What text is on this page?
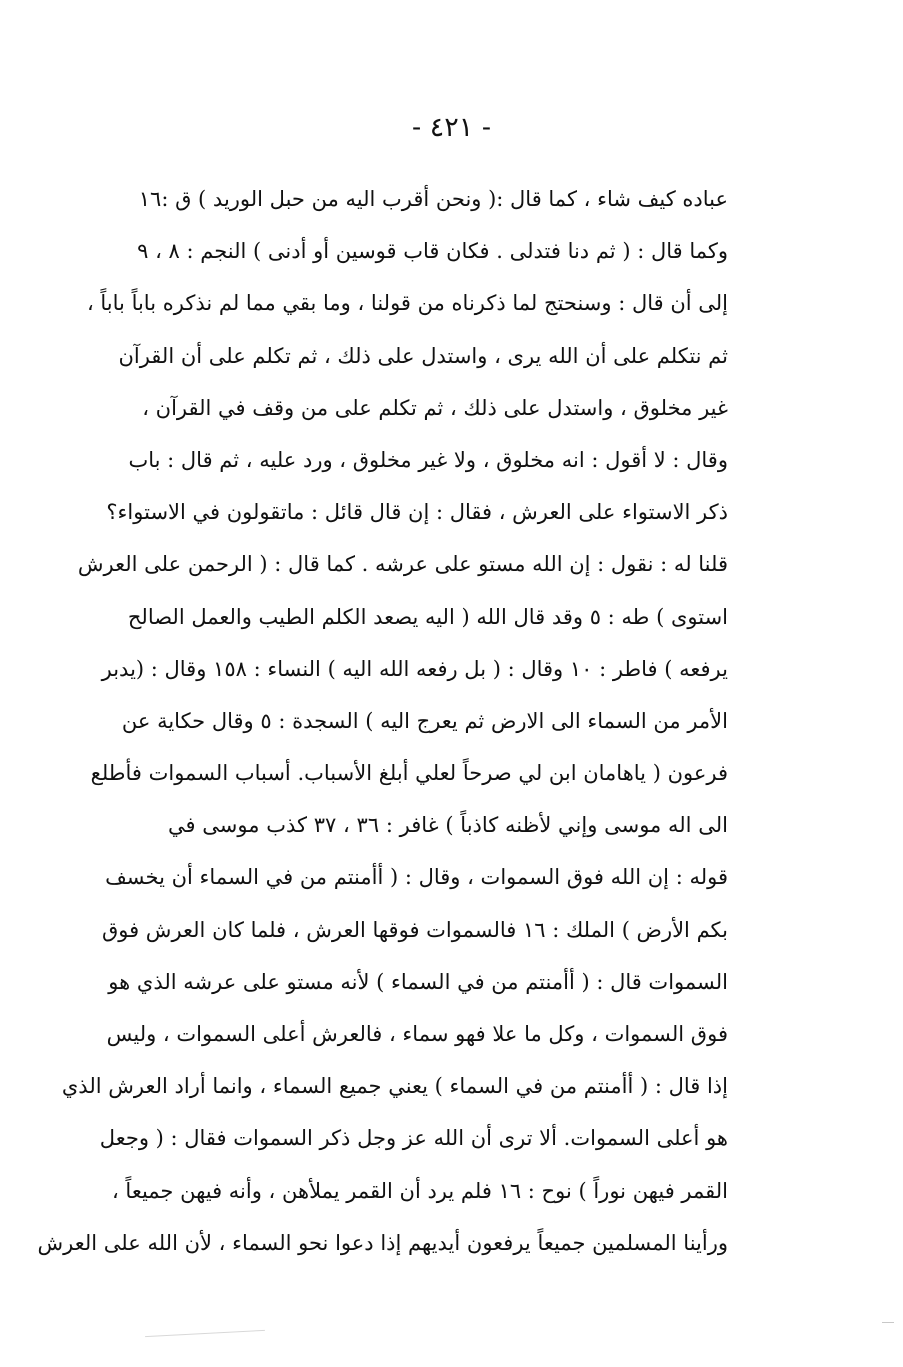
- ٤٢١ -
عباده كيف شاء ، كما قال :( ونحن أقرب اليه من حبل الوريد ) ق :١٦
وكما قال : ( ثم دنا فتدلى . فكان قاب قوسين أو أدنى ) النجم : ٨ ، ٩
إلى أن قال : وسنحتج لما ذكرناه من قولنا ، وما بقي مما لم نذكره باباً باباً ،
ثم نتكلم على أن الله يرى ، واستدل على ذلك ، ثم تكلم على أن القرآن
غير مخلوق ، واستدل على ذلك ، ثم تكلم على من وقف في القرآن ،
وقال : لا أقول : انه مخلوق ، ولا غير مخلوق ، ورد عليه ، ثم قال : باب
ذكر الاستواء على العرش ، فقال : إن قال قائل : ماتقولون في الاستواء؟
قلنا له : نقول : إن الله مستو على عرشه . كما قال : ( الرحمن على العرش
استوى ) طه : ٥ وقد قال الله ( اليه يصعد الكلم الطيب والعمل الصالح
يرفعه ) فاطر : ١٠ وقال : ( بل رفعه الله اليه ) النساء : ١٥٨ وقال : (يدبر
الأمر من السماء الى الارض ثم يعرج اليه ) السجدة : ٥ وقال حكاية عن
فرعون ( ياهامان ابن لي صرحاً لعلي أبلغ الأسباب. أسباب السموات فأطلع
الى اله موسى وإني لأظنه كاذباً ) غافر : ٣٦ ، ٣٧ كذب موسى في
قوله : إن الله فوق السموات ، وقال : ( أأمنتم من في السماء أن يخسف
بكم الأرض ) الملك : ١٦ فالسموات فوقها العرش ، فلما كان العرش فوق
السموات قال : ( أأمنتم من في السماء ) لأنه مستو على عرشه الذي هو
فوق السموات ، وكل ما علا فهو سماء ، فالعرش أعلى السموات ، وليس
إذا قال : ( أأمنتم من في السماء ) يعني جميع السماء ، وانما أراد العرش الذي
هو أعلى السموات. ألا ترى أن الله عز وجل ذكر السموات فقال : ( وجعل
القمر فيهن نوراً ) نوح : ١٦ فلم يرد أن القمر يملأهن ، وأنه فيهن جميعاً ،
ورأينا المسلمين جميعاً يرفعون أيديهم إذا دعوا نحو السماء ، لأن الله على العرش
